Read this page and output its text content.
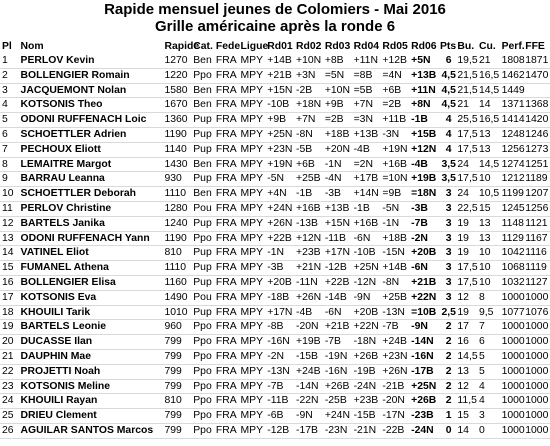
Rapide mensuel jeunes de Colomiers - Mai 2016
Grille américaine après la ronde 6
Pl	Nom	Rapide	Cat.	Fede	Ligue	Rd01	Rd02	Rd03	Rd04	Rd05	Rd06	Pts	Bu.	Cu.	Perf.	FFE
1	PERLOV Kevin	1270	Ben	FRA	MPY	+14B	+10N	+8B	+11N	+12B	+5N	6	19,5	21	1808	1871
2	BOLLENGIER Romain	1220	Ppo	FRA	MPY	+21B	+3N	=5N	=8B	=4N	+13B	4,5	21,5	16,5	1462	1470
3	JACQUEMONT Nolan	1580	Ben	FRA	MPY	+15N	-2B	+10N	=5B	+6B	+11N	4,5	21,5	14,5	1449	
4	KOTSONIS Theo	1670	Ben	FRA	MPY	-10B	+18N	+9B	+7N	=2B	+8N	4,5	21	14	1371	1368
5	ODONI RUFFENACH Loic	1360	Pup	FRA	MPY	+9B	+7N	=2B	=3N	+11B	-1B	4	25,5	16,5	1414	1420
6	SCHOETTLER Adrien	1190	Pup	FRA	MPY	+25N	-8N	+18B	+13B	-3N	+15B	4	17,5	13	1248	1246
7	PECHOUX Eliott	1140	Pup	FRA	MPY	+23N	-5B	+20N	-4B	+19N	+12N	4	17,5	13	1256	1273
8	LEMAITRE Margot	1430	Ben	FRA	MPY	+19N	+6B	-1N	=2N	+16B	-4B	3,5	24	14,5	1274	1251
9	BARRAU Leanna	930	Pup	FRA	MPY	-5N	+25B	-4N	+17B	=10N	+19B	3,5	17,5	10	1212	1189
10	SCHOETTLER Deborah	1110	Ben	FRA	MPY	+4N	-1B	-3B	+14N	=9B	=18N	3	24	10,5	1199	1207
11	PERLOV Christine	1280	Pou	FRA	MPY	+24N	+16B	+13B	-1B	-5N	-3B	3	22,5	15	1245	1256
12	BARTELS Janika	1240	Pup	FRA	MPY	+26N	-13B	+15N	+16B	-1N	-7B	3	19	13	1148	1121
13	ODONI RUFFENACH Yann	1190	Ppo	FRA	MPY	+22B	+12N	-11B	-6N	+18B	-2N	3	19	13	1129	1167
14	VATINEL Eliot	810	Pup	FRA	MPY	-1N	+23B	+17N	-10B	-15N	+20B	3	19	10	1042	1116
15	FUMANEL Athena	1110	Pup	FRA	MPY	-3B	+21N	-12B	+25N	+14B	-6N	3	17,5	10	1068	1119
16	BOLLENGIER Elisa	1160	Pup	FRA	MPY	+20B	-11N	+22B	-12N	-8N	+21B	3	17,5	10	1032	1127
17	KOTSONIS Eva	1490	Pou	FRA	MPY	-18B	+26N	-14B	-9N	+25B	+22N	3	12	8	1000	1000
18	KHOUILI Tarik	1010	Pup	FRA	MPY	+17N	-4B	-6N	+20B	-13N	=10B	2,5	19	9,5	1077	1076
19	BARTELS Leonie	960	Ppo	FRA	MPY	-8B	-20N	+21B	+22N	-7B	-9N	2	17	7	1000	1000
20	DUCASSE Ilan	799	Ppo	FRA	MPY	-16N	+19B	-7B	-18N	+24B	-14N	2	16	6	1000	1000
21	DAUPHIN Mae	799	Ppo	FRA	MPY	-2N	-15B	-19N	+26B	+23N	-16N	2	14,5	5	1000	1000
22	PROJETTI Noah	799	Ppo	FRA	MPY	-13N	+24B	-16N	-19B	+26N	-17B	2	13	5	1000	1000
23	KOTSONIS Meline	799	Ppo	FRA	MPY	-7B	-14N	+26B	-24N	-21B	+25N	2	12	4	1000	1000
24	KHOUILI Rayan	810	Ppo	FRA	MPY	-11B	-22N	-25B	+23B	-20N	+26B	2	11,5	4	1000	1000
25	DRIEU Clement	799	Ppo	FRA	MPY	-6B	-9N	+24N	-15B	-17N	-23B	1	15	3	1000	1000
26	AGUILAR SANTOS Marcos	799	Ppo	FRA	MPY	-12B	-17B	-23N	-21N	-22B	-24N	0	14	0	1000	1000
